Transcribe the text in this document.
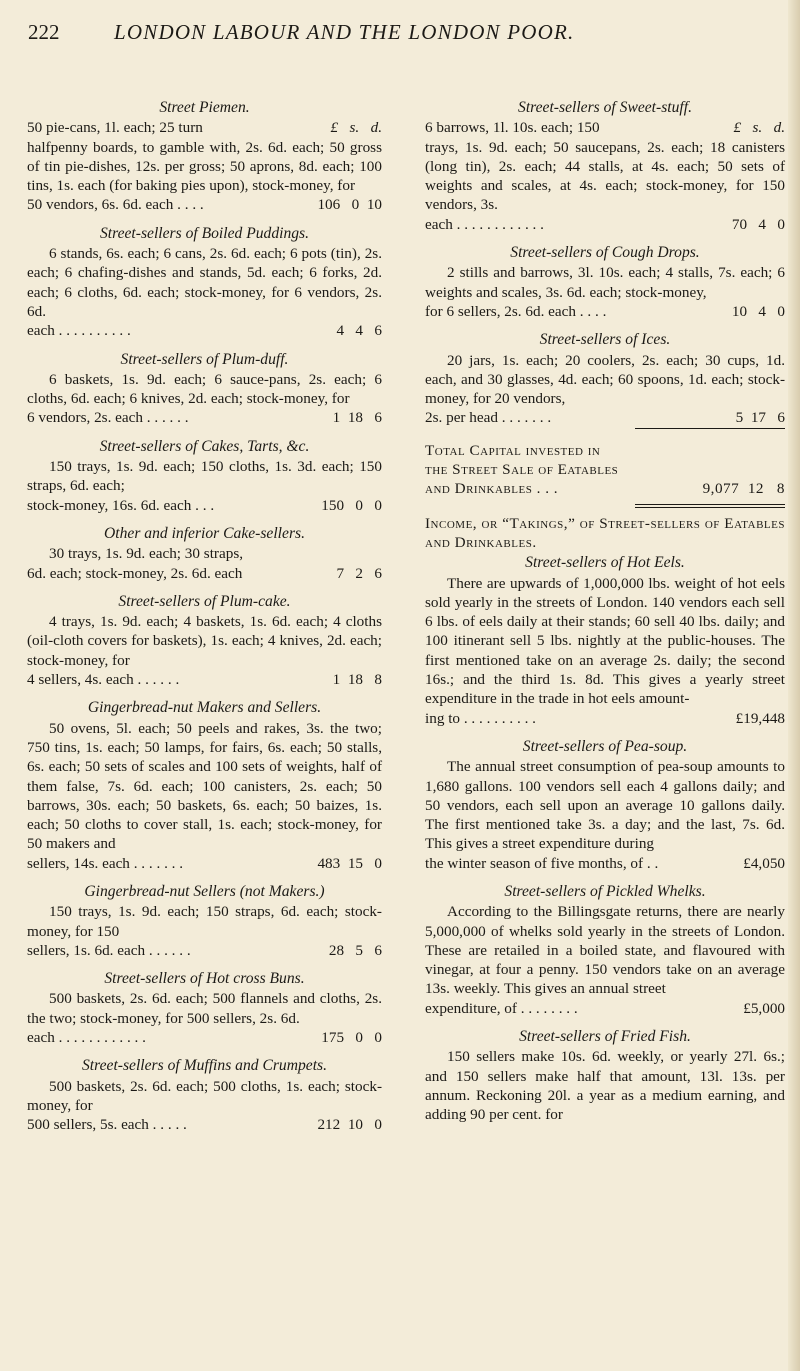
222	LONDON LABOUR AND THE LONDON POOR.
Street Piemen.
50 pie-cans, 1l. each; 25 turn	£   s.   d.

halfpenny boards, to gamble with, 2s. 6d. each; 50 gross of tin pie-dishes, 12s. per gross; 50 aprons, 8d. each; 100 tins, 1s. each (for baking pies upon), stock-money, for

50 vendors, 6s. 6d. each . . . .	106   0  10
Street-sellers of Boiled Puddings.

6 stands, 6s. each; 6 cans, 2s. 6d. each; 6 pots (tin), 2s. each; 6 chafing-dishes and stands, 5d. each; 6 forks, 2d. each; 6 cloths, 6d. each; stock-money, for 6 vendors, 2s. 6d.

each . . . . . . . . . .	4   4   6
Street-sellers of Plum-duff.

6 baskets, 1s. 9d. each; 6 sauce-pans, 2s. each; 6 cloths, 6d. each; 6 knives, 2d. each; stock-money, for

6 vendors, 2s. each . . . . . .	1  18   6
Street-sellers of Cakes, Tarts, &c.

150 trays, 1s. 9d. each; 150 cloths, 1s. 3d. each; 150 straps, 6d. each;

stock-money, 16s. 6d. each . . .	150   0   0
Other and inferior Cake-sellers.

30 trays, 1s. 9d. each; 30 straps,

6d. each; stock-money, 2s. 6d. each	7   2   6
Street-sellers of Plum-cake.

4 trays, 1s. 9d. each; 4 baskets, 1s. 6d. each; 4 cloths (oil-cloth covers for baskets), 1s. each; 4 knives, 2d. each; stock-money, for

4 sellers, 4s. each . . . . . .	1  18   8
Gingerbread-nut Makers and Sellers.

50 ovens, 5l. each; 50 peels and rakes, 3s. the two; 750 tins, 1s. each; 50 lamps, for fairs, 6s. each; 50 stalls, 6s. each; 50 sets of scales and 100 sets of weights, half of them false, 7s. 6d. each; 100 canisters, 2s. each; 50 barrows, 30s. each; 50 baskets, 6s. each; 50 baizes, 1s. each; 50 cloths to cover stall, 1s. each; stock-money, for 50 makers and

sellers, 14s. each . . . . . . .	483  15   0
Gingerbread-nut Sellers (not Makers.)

150 trays, 1s. 9d. each; 150 straps, 6d. each; stock-money, for 150

sellers, 1s. 6d. each . . . . . .	28   5   6
Street-sellers of Hot cross Buns.

500 baskets, 2s. 6d. each; 500 flannels and cloths, 2s. the two; stock-money, for 500 sellers, 2s. 6d.

each . . . . . . . . . . . .	175   0   0
Street-sellers of Muffins and Crumpets.

500 baskets, 2s. 6d. each; 500 cloths, 1s. each; stock-money, for

500 sellers, 5s. each . . . . .	212  10   0
Street-sellers of Sweet-stuff.
6 barrows, 1l. 10s. each; 150	£   s.   d.

trays, 1s. 9d. each; 50 saucepans, 2s. each; 18 canisters (long tin), 2s. each; 44 stalls, at 4s. each; 50 sets of weights and scales, at 4s. each; stock-money, for 150 vendors, 3s.

each . . . . . . . . . . . .	70   4   0
Street-sellers of Cough Drops.

2 stills and barrows, 3l. 10s. each; 4 stalls, 7s. each; 6 weights and scales, 3s. 6d. each; stock-money,

for 6 sellers, 2s. 6d. each . . . .	10   4   0
Street-sellers of Ices.

20 jars, 1s. each; 20 coolers, 2s. each; 30 cups, 1d. each, and 30 glasses, 4d. each; 60 spoons, 1d. each; stock-money, for 20 vendors,

2s. per head . . . . . . .	5  17   6
Total Capital invested in
the Street Sale of Eatables
and Drinkables . . .	9,077  12   8

Income, or “Takings,” of Street-sellers of Eatables and Drinkables.

Street-sellers of Hot Eels.

There are upwards of 1,000,000 lbs. weight of hot eels sold yearly in the streets of London. 140 vendors each sell 6 lbs. of eels daily at their stands; 60 sell 40 lbs. daily; and 100 itinerant sell 5 lbs. nightly at the public-houses. The first mentioned take on an average 2s. daily; the second 16s.; and the third 1s. 8d. This gives a yearly street expenditure in the trade in hot eels amount-

ing to . . . . . . . . . .	£19,448
Street-sellers of Pea-soup.

The annual street consumption of pea-soup amounts to 1,680 gallons. 100 vendors sell each 4 gallons daily; and 50 vendors, each sell upon an average 10 gallons daily. The first mentioned take 3s. a day; and the last, 7s. 6d. This gives a street expenditure during

the winter season of five months, of . .	£4,050
Street-sellers of Pickled Whelks.

According to the Billingsgate returns, there are nearly 5,000,000 of whelks sold yearly in the streets of London. These are retailed in a boiled state, and flavoured with vinegar, at four a penny. 150 vendors take on an average 13s. weekly. This gives an annual street

expenditure, of . . . . . . . .	£5,000
Street-sellers of Fried Fish.

150 sellers make 10s. 6d. weekly, or yearly 27l. 6s.; and 150 sellers make half that amount, 13l. 13s. per annum. Reckoning 20l. a year as a medium earning, and adding 90 per cent. for
